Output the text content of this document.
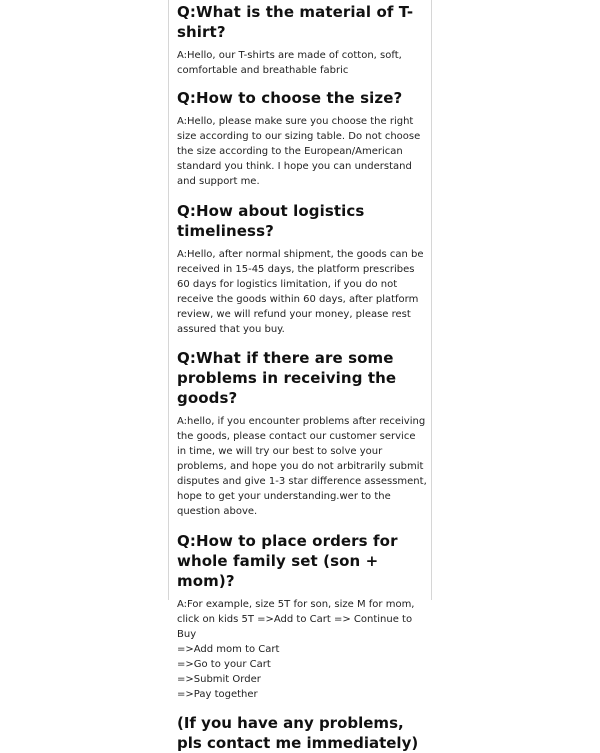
Q:What is the material of T-shirt?

A:Hello, our T-shirts are made of cotton, soft, comfortable and breathable fabric

Q:How to choose the size?

A:Hello, please make sure you choose the right size according to our sizing table. Do not choose the size according to the European/American standard you think. I hope you can understand and support me.

Q:How about logistics timeliness?

A:Hello, after normal shipment, the goods can be received in 15-45 days, the platform prescribes 60 days for logistics limitation, if you do not receive the goods within 60 days, after platform review, we will refund your money, please rest assured that you buy.

Q:What if there are some problems in receiving the goods?

A:hello, if you encounter problems after receiving the goods, please contact our customer service in time, we will try our best to solve your problems, and hope you do not arbitrarily submit disputes and give 1-3 star difference assessment, hope to get your understanding.wer to the question above.

Q:How to place orders for whole family set (son + mom)?

A:For example, size 5T for son, size M for mom, click on kids 5T =>Add to Cart => Continue to Buy

=>Add mom to Cart
=>Go to your Cart
=>Submit Order
=>Pay together

(If you have any problems, pls contact me immediately)
